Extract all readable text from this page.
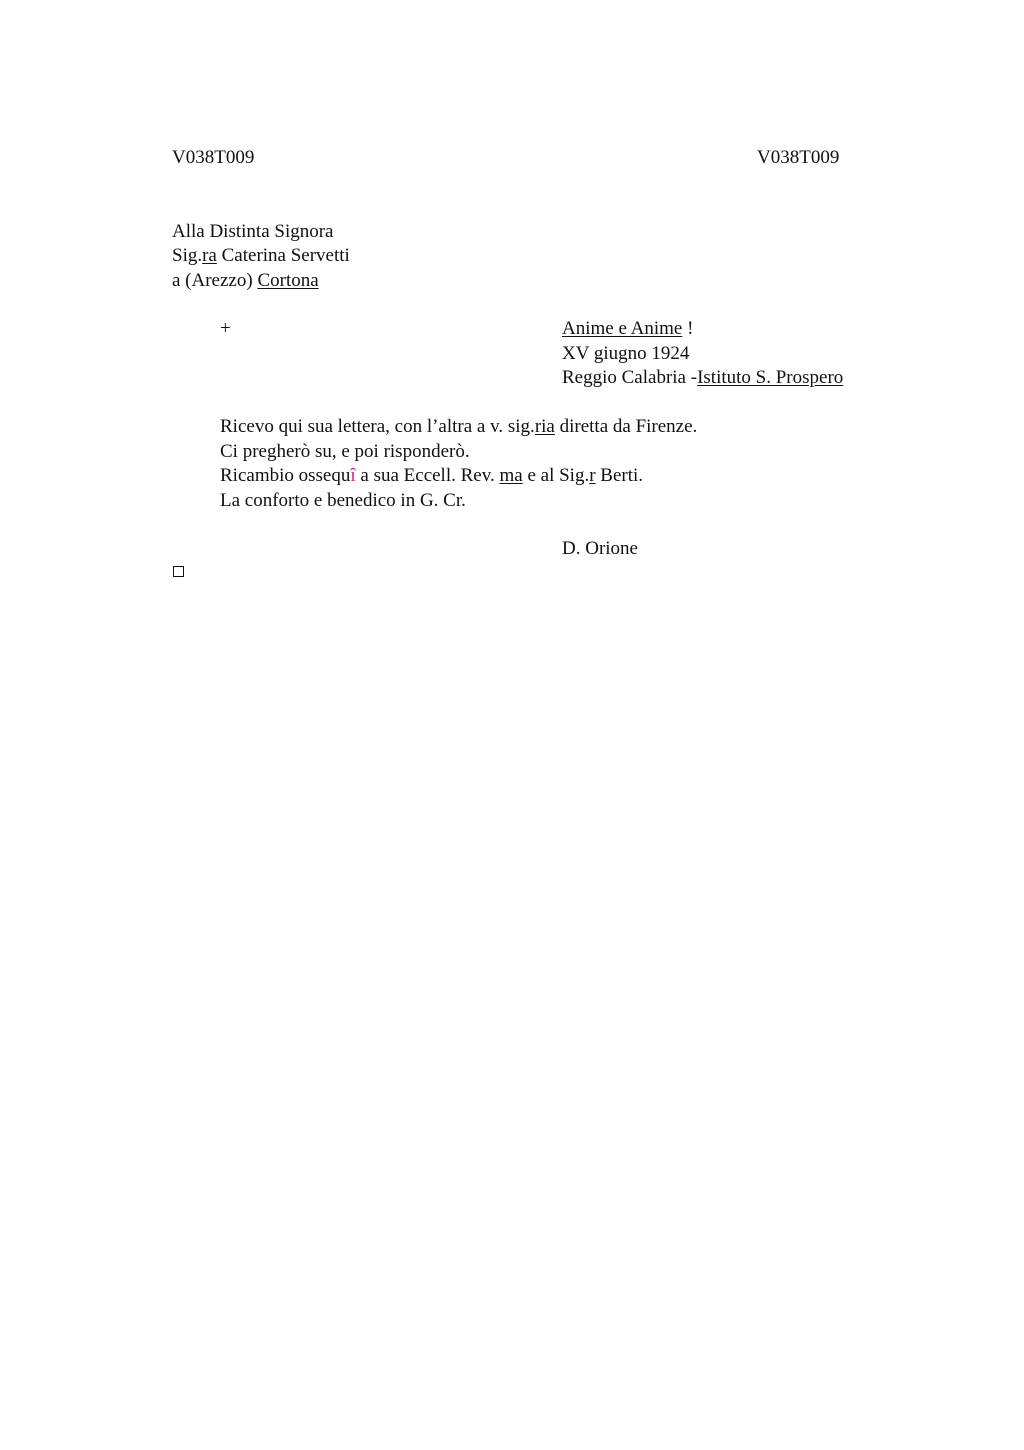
V038T009	V038T009
Alla Distinta Signora
Sig.ra Caterina Servetti
a (Arezzo) Cortona
+	Anime e Anime !
XV giugno 1924
Reggio Calabria -Istituto S. Prospero
Ricevo qui sua lettera, con l’altra a v. sig.ria diretta da Firenze.
Ci pregherò su, e poi risponderò.
Ricambio ossequî a sua Eccell. Rev. ma e al Sig.r Berti.
La conforto e benedico in G. Cr.
D. Orione
